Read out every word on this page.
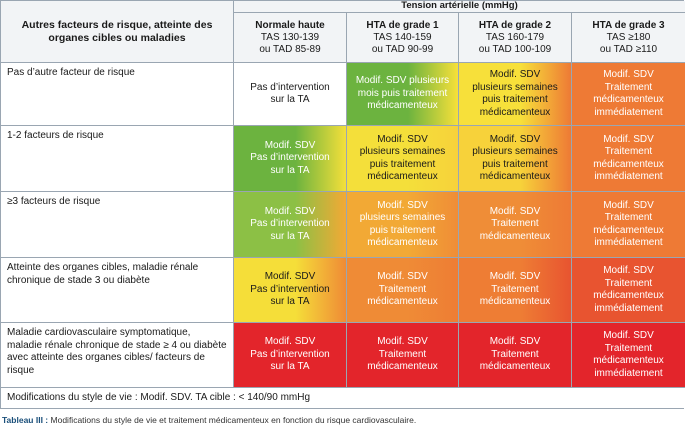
Autres facteurs de risque, atteinte des organes cibles ou maladies
Tension artérielle (mmHg)
Normale haute
TAS 130-139
ou TAD 85-89
HTA de grade 1
TAS 140-159
ou TAD 90-99
HTA de grade 2
TAS 160-179
ou TAD 100-109
HTA de grade 3
TAS ≥180
ou TAD ≥110
Pas d’autre facteur de risque
Pas d’intervention
sur la TA
Modif. SDV plusieurs
mois puis traitement
médicamenteux
Modif. SDV
plusieurs semaines
puis traitement
médicamenteux
Modif. SDV
Traitement
médicamenteux
immédiatement
1-2 facteurs de risque
Modif. SDV
Pas d’intervention
sur la TA
Modif. SDV
plusieurs semaines
puis traitement
médicamenteux
Modif. SDV
plusieurs semaines
puis traitement
médicamenteux
Modif. SDV
Traitement
médicamenteux
immédiatement
≥3 facteurs de risque
Modif. SDV
Pas d’intervention
sur la TA
Modif. SDV
plusieurs semaines
puis traitement
médicamenteux
Modif. SDV
Traitement
médicamenteux
Modif. SDV
Traitement
médicamenteux
immédiatement
Atteinte des organes cibles, maladie rénale chronique de stade 3 ou diabète	Modif. SDV
Pas d’intervention
sur la TA
Modif. SDV
Traitement
médicamenteux
Modif. SDV
Traitement
médicamenteux
Modif. SDV
Traitement
médicamenteux
immédiatement
Maladie cardiovasculaire symptomatique, maladie rénale chronique de stade ≥ 4 ou diabète avec atteinte des organes cibles/ facteurs de risque
Modif. SDV
Pas d’intervention
sur la TA
Modif. SDV
Traitement
médicamenteux
Modif. SDV
Traitement
médicamenteux
Modif. SDV
Traitement
médicamenteux
immédiatement
Modifications du style de vie : Modif. SDV. TA cible : < 140/90 mmHg
Tableau III : Modifications du style de vie et traitement médicamenteux en fonction du risque cardiovasculaire.
